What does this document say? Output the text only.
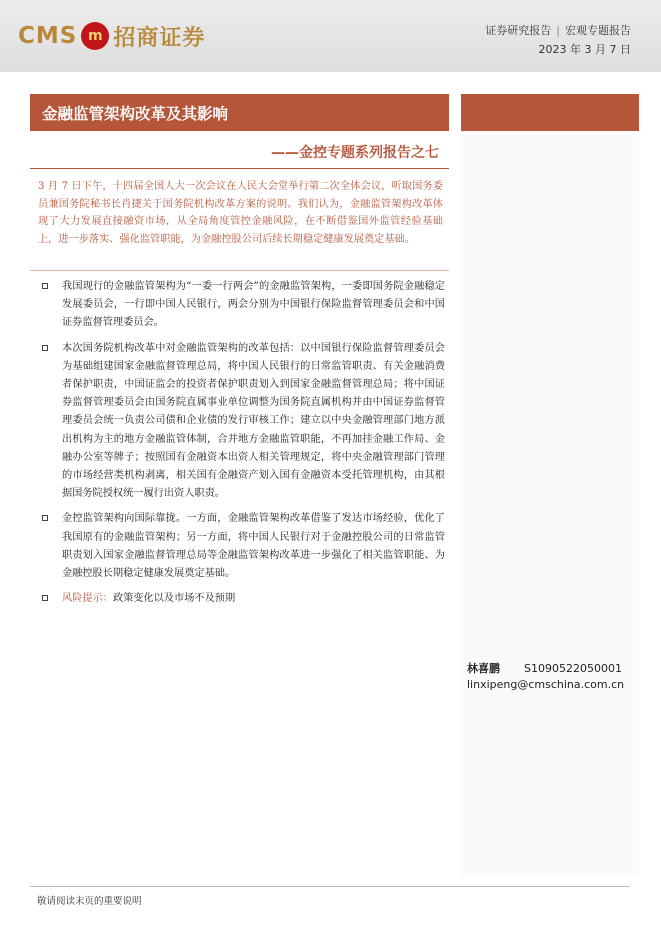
CMS m 招商证券
证券研究报告 请务必阅读
证券研究报告 | 宏观专题报告
2023 年 3 月 7 日
金融监管架构改革及其影响
——金控专题系列报告之七
3 月 7 日下午，十四届全国人大一次会议在人民大会堂举行第二次全体会议，听取国务委员兼国务院秘书长肖捷关于国务院机构改革方案的说明。我们认为，金融监管架构改革体现了大力发展直接融资市场，从全局角度管控金融风险，在不断借鉴国外监管经验基础上，进一步落实、强化监管职能，为金融控股公司后续长期稳定健康发展奠定基础。
我国现行的金融监管架构为“一委一行两会”的金融监管架构，一委即国务院金融稳定发展委员会，一行即中国人民银行，两会分别为中国银行保险监督管理委员会和中国证券监督管理委员会。
本次国务院机构改革中对金融监管架构的改革包括：以中国银行保险监督管理委员会为基础组建国家金融监督管理总局，将中国人民银行的日常监管职责、有关金融消费者保护职责，中国证监会的投资者保护职责划入到国家金融监督管理总局；将中国证券监督管理委员会由国务院直属事业单位调整为国务院直属机构并由中国证券监督管理委员会统一负责公司债和企业债的发行审核工作；建立以中央金融管理部门地方派出机构为主的地方金融监管体制，合并地方金融监管职能，不再加挂金融工作局、金融办公室等牌子；按照国有金融资本出资人相关管理规定，将中央金融管理部门管理的市场经营类机构剥离，相关国有金融资产划入国有金融资本受托管理机构，由其根据国务院授权统一履行出资人职责。
金控监管架构向国际靠拢。一方面，金融监管架构改革借鉴了发达市场经验，优化了我国原有的金融监管架构；另一方面，将中国人民银行对于金融控股公司的日常监管职责划入国家金融监督管理总局等金融监管架构改革进一步强化了相关监管职能、为金融控股长期稳定健康发展奠定基础。
风险提示：政策变化以及市场不及预期
林喜鹏 S1090522050001
linxipeng@cmschina.com.cn
敬请阅读末页的重要说明
